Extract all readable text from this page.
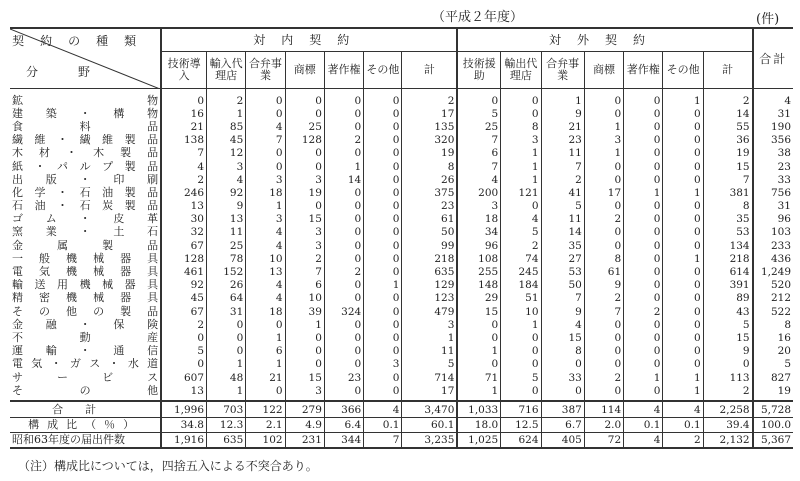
（平成２年度）	(件)
契約の種類
分　野	対内契約							対外契約							合計
	技術導入	輸入代理店	合弁事業	商標	著作権	その他	計	技術援助	輸出代理店	合弁事業	商標	著作権	その他	計	
鉱物	0	2	0	0	0	0	2	0	0	1	0	0	1	2	4
建築・構物	16	1	0	0	0	0	17	5	0	9	0	0	0	14	31
食料品	21	85	4	25	0	0	135	25	8	21	1	0	0	55	190
繊維・繊維製品	138	45	7	128	2	0	320	7	3	23	3	0	0	36	356
木材・木製品	7	12	0	0	0	0	19	6	1	11	1	0	0	19	38
紙・パルプ製品	4	3	0	0	1	0	8	7	1	7	0	0	0	15	23
出版・印刷	2	4	3	3	14	0	26	4	1	2	0	0	0	7	33
化学・石油製品	246	92	18	19	0	0	375	200	121	41	17	1	1	381	756
石油・石炭製品	13	9	1	0	0	0	23	3	0	5	0	0	0	8	31
ゴム・皮革	30	13	3	15	0	0	61	18	4	11	2	0	0	35	96
窯業・土石	32	11	4	3	0	0	50	34	5	14	0	0	0	53	103
金属製品	67	25	4	3	0	0	99	96	2	35	0	0	0	134	233
一般機械器具	128	78	10	2	0	0	218	108	74	27	8	0	1	218	436
電気機械器具	461	152	13	7	2	0	635	255	245	53	61	0	0	614	1,249
輸送用機械器具	92	26	4	6	0	1	129	148	184	50	9	0	0	391	520
精密機械器具	45	64	4	10	0	0	123	29	51	7	2	0	0	89	212
その他の製品	67	31	18	39	324	0	479	15	10	9	7	2	0	43	522
金融・保険	2	0	0	1	0	0	3	0	1	4	0	0	0	5	8
不動産	0	0	1	0	0	0	1	0	0	15	0	0	0	15	16
運輸・通信	5	0	6	0	0	0	11	1	0	8	0	0	0	9	20
電気・ガス・水道	0	1	1	0	0	3	5	0	0	0	0	0	0	0	5
サービス	607	48	21	15	23	0	714	71	5	33	2	1	1	113	827
その他	13	1	0	3	0	0	17	1	0	0	0	0	1	2	19
合計	1,996	703	122	279	366	4	3,470	1,033	716	387	114	4	4	2,258	5,728
構成比（％）	34.8	12.3	2.1	4.9	6.4	0.1	60.1	18.0	12.5	6.7	2.0	0.1	0.1	39.4	100.0
昭和63年度の届出件数	1,916	635	102	231	344	7	3,235	1,025	624	405	72	4	2	2,132	5,367
（注）構成比については，四捨五入による不突合あり。
